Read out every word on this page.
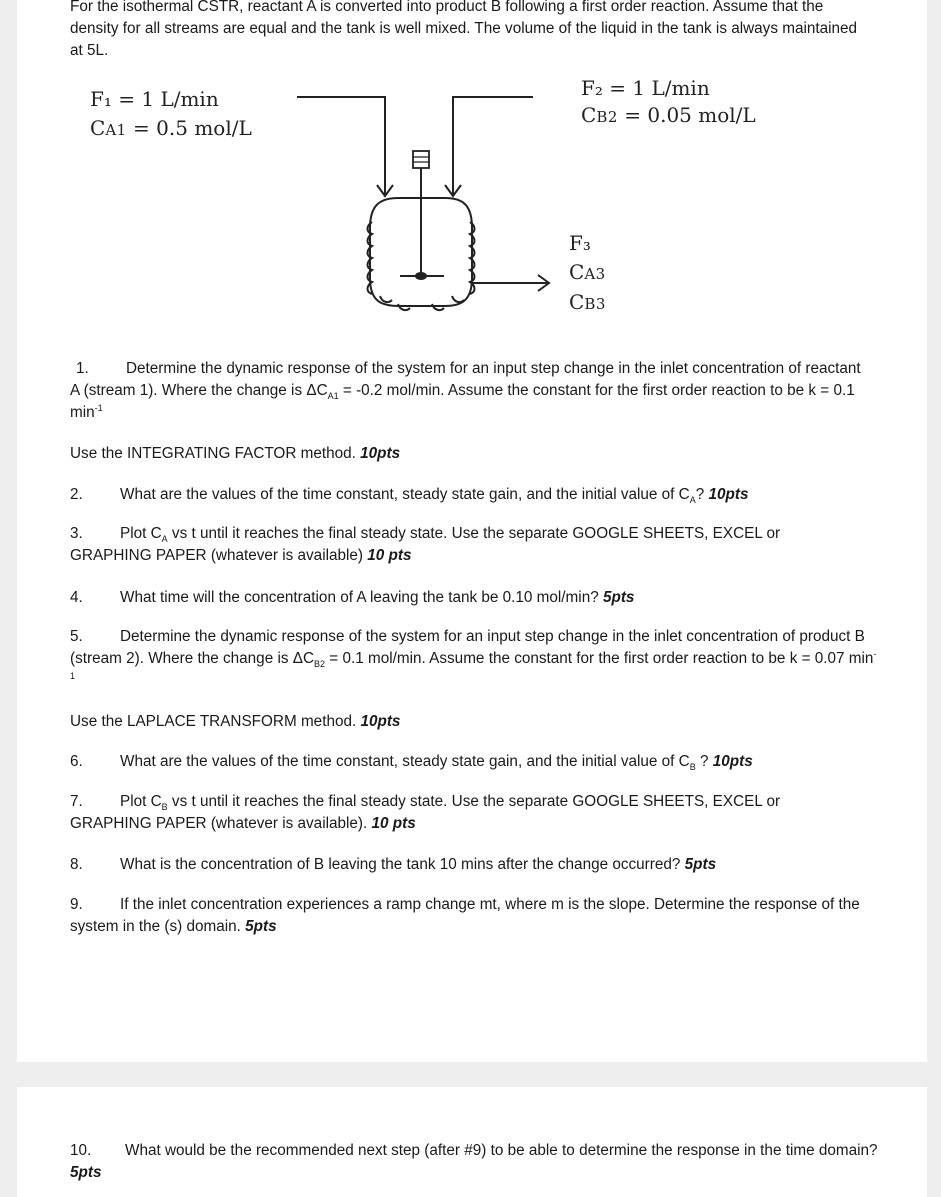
For the isothermal CSTR, reactant A is converted into product B following a first order reaction. Assume that the density for all streams are equal and the tank is well mixed. The volume of the liquid in the tank is always maintained at 5L.

F₁ = 1 L/min
CA1 = 0.5 mol/L
F₂ = 1 L/min
CB2 = 0.05 mol/L
F₃
CA3
CB3

1. Determine the dynamic response of the system for an input step change in the inlet concentration of reactant A (stream 1). Where the change is $\Delta C_{A1} = -0.2$ mol/min. Assume the constant for the first order reaction to be k = 0.1 $\min^{-1}$

Use the INTEGRATING FACTOR method. 10pts

2. What are the values of the time constant, steady state gain, and the initial value of $C_A$? 10pts

3. Plot $C_A$ vs t until it reaches the final steady state. Use the separate GOOGLE SHEETS, EXCEL or GRAPHING PAPER (whatever is available) 10 pts

4. What time will the concentration of A leaving the tank be 0.10 mol/min? 5pts

5. Determine the dynamic response of the system for an input step change in the inlet concentration of product B (stream 2). Where the change is $\Delta C_{B2} = 0.1$ mol/min. Assume the constant for the first order reaction to be k = 0.07 $\min^{-1}$

Use the LAPLACE TRANSFORM method. 10pts

6. What are the values of the time constant, steady state gain, and the initial value of $C_B$ ? 10pts

7. Plot $C_B$ vs t until it reaches the final steady state. Use the separate GOOGLE SHEETS, EXCEL or GRAPHING PAPER (whatever is available). 10 pts

8. What is the concentration of B leaving the tank 10 mins after the change occurred? 5pts

9. If the inlet concentration experiences a ramp change mt, where m is the slope. Determine the response of the system in the (s) domain. 5pts

10. What would be the recommended next step (after #9) to be able to determine the response in the time domain? 5pts
